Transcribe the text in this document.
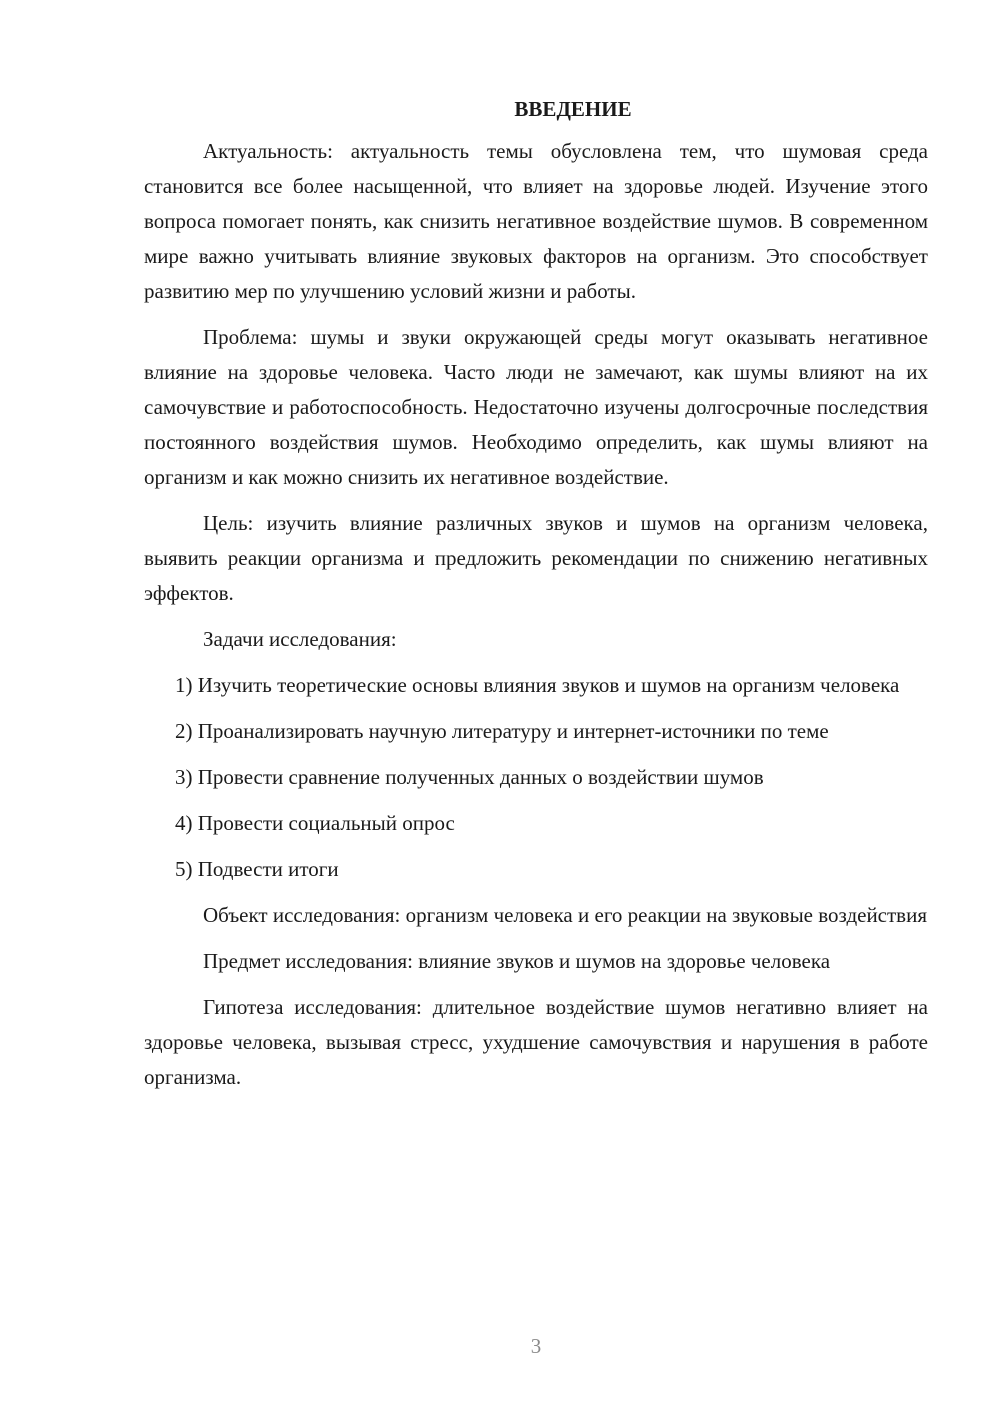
ВВЕДЕНИЕ

Актуальность: актуальность темы обусловлена тем, что шумовая среда становится все более насыщенной, что влияет на здоровье людей. Изучение этого вопроса помогает понять, как снизить негативное воздействие шумов. В современном мире важно учитывать влияние звуковых факторов на организм. Это способствует развитию мер по улучшению условий жизни и работы.

Проблема: шумы и звуки окружающей среды могут оказывать негативное влияние на здоровье человека. Часто люди не замечают, как шумы влияют на их самочувствие и работоспособность. Недостаточно изучены долгосрочные последствия постоянного воздействия шумов. Необходимо определить, как шумы влияют на организм и как можно снизить их негативное воздействие.

Цель: изучить влияние различных звуков и шумов на организм человека, выявить реакции организма и предложить рекомендации по снижению негативных эффектов.

Задачи исследования:

1) Изучить теоретические основы влияния звуков и шумов на организм человека

2) Проанализировать научную литературу и интернет-источники по теме

3) Провести сравнение полученных данных о воздействии шумов

4) Провести социальный опрос

5) Подвести итоги

Объект исследования: организм человека и его реакции на звуковые воздействия

Предмет исследования: влияние звуков и шумов на здоровье человека

Гипотеза исследования: длительное воздействие шумов негативно влияет на здоровье человека, вызывая стресс, ухудшение самочувствия и нарушения в работе организма.

3
